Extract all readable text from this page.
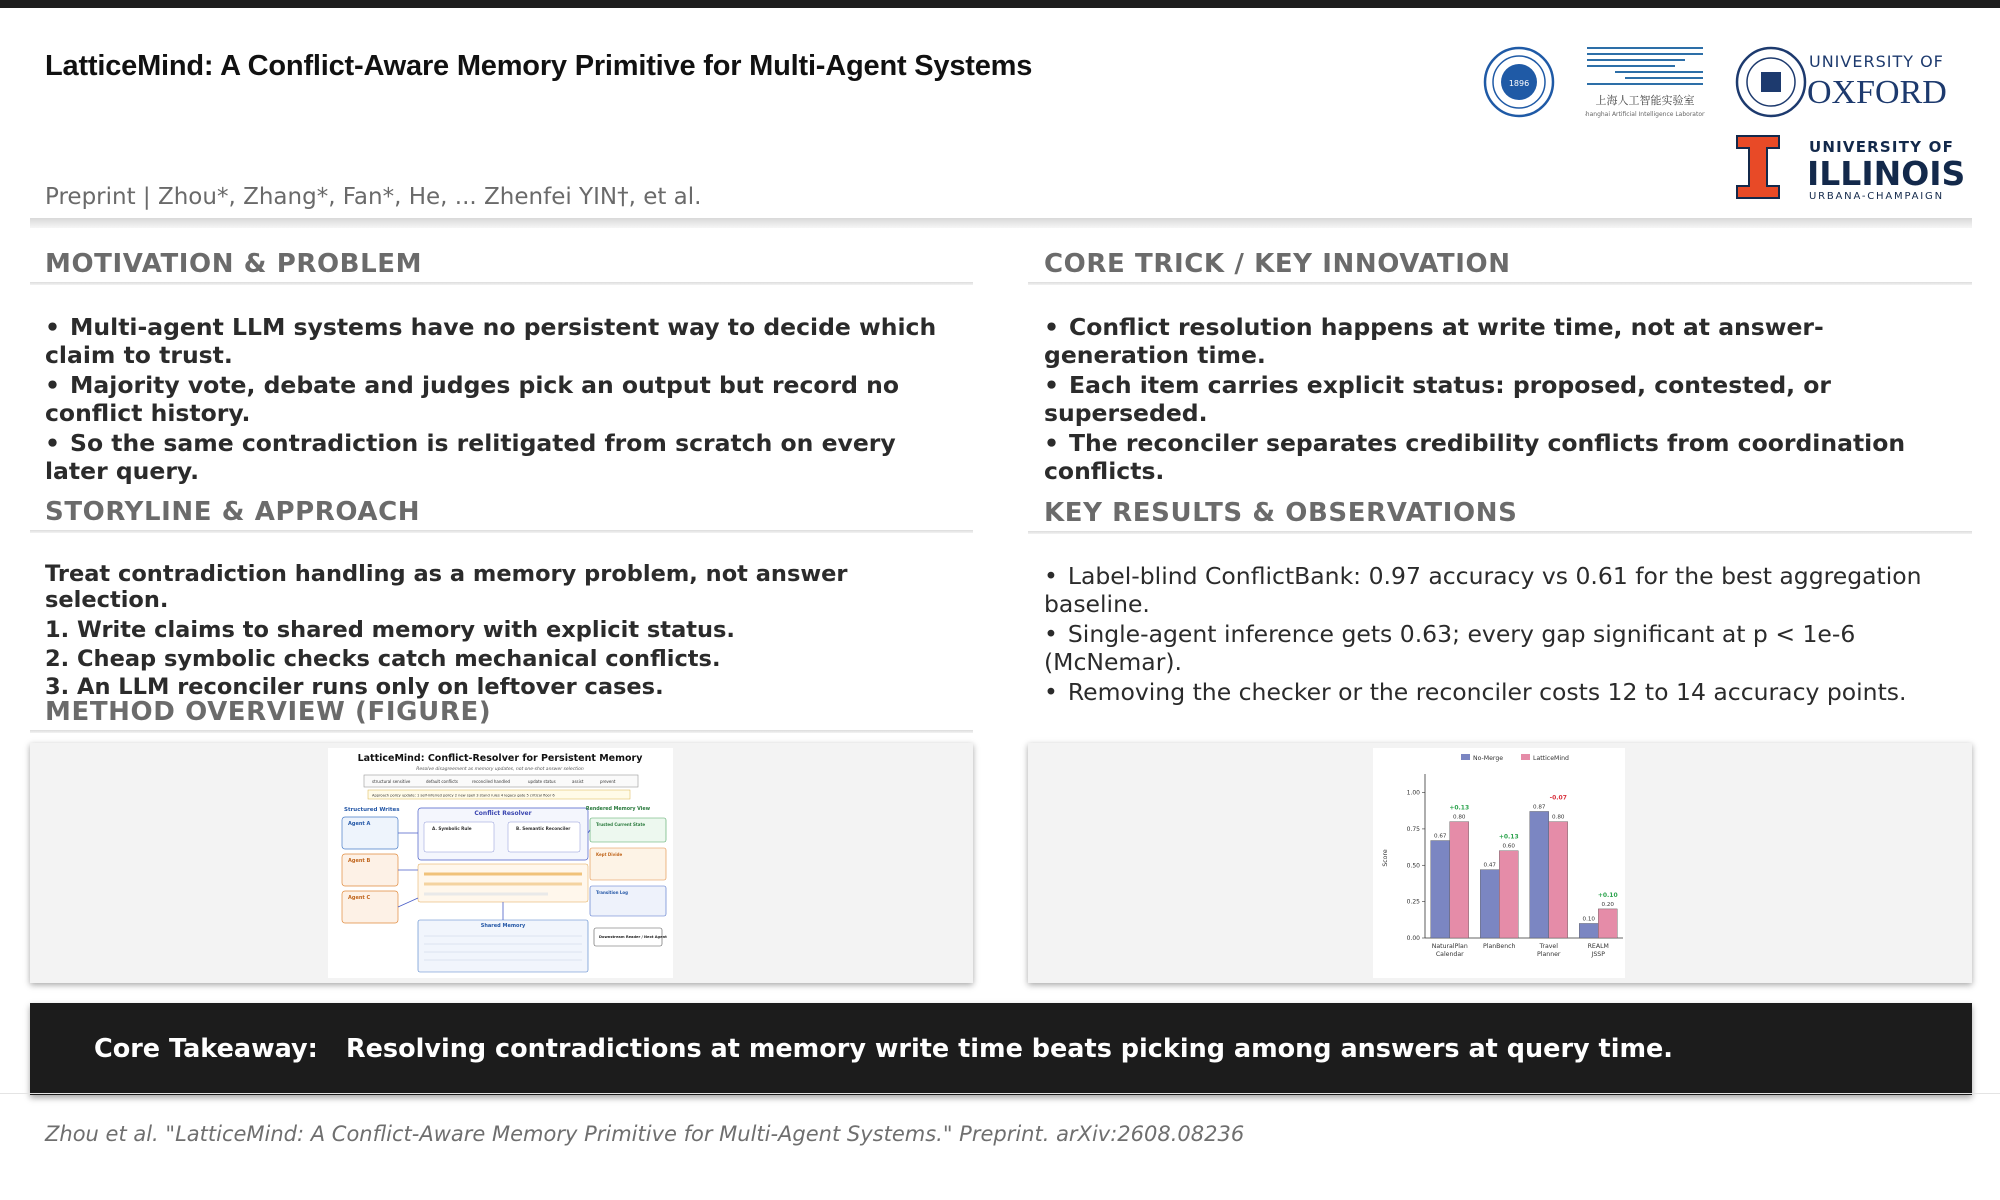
LatticeMind: A Conflict-Aware Memory Primitive for Multi-Agent Systems
Preprint | Zhou*, Zhang*, Fan*, He, ... Zhenfei YIN†, et al.
1896
上海人工智能实验室
Shanghai Artificial Intelligence Laboratory
UNIVERSITY OF
OXFORD
UNIVERSITY OF
ILLINOIS
URBANA-CHAMPAIGN
MOTIVATION & PROBLEM
• Multi-agent LLM systems have no persistent way to decide which
claim to trust.
• Majority vote, debate and judges pick an output but record no
conflict history.
• So the same contradiction is relitigated from scratch on every
later query.
STORYLINE & APPROACH
Treat contradiction handling as a memory problem, not answer
selection.
1. Write claims to shared memory with explicit status.
2. Cheap symbolic checks catch mechanical conflicts.
3. An LLM reconciler runs only on leftover cases.
METHOD OVERVIEW (FIGURE)
LatticeMind: Conflict-Resolver for Persistent Memory
Resolve disagreement as memory updates, not one-shot answer selection
structural sensitive	default conflicts	reconciled handled	update status	assist	prevent
Approach policy update: 1 self-inferred policy 2 new spell 3 stand rules 4 legacy gate 5 critical floor 6
Structured Writes
Agent A
Agent B
Agent C
Conflict Resolver
A. Symbolic Rule	B. Semantic Reconciler
Shared Memory
Rendered Memory View
Trusted Current State
Kept Divide
Transition Log
Downstream Reader / Next Agent
CORE TRICK / KEY INNOVATION
• Conflict resolution happens at write time, not at answer-
generation time.
• Each item carries explicit status: proposed, contested, or
superseded.
• The reconciler separates credibility conflicts from coordination
conflicts.
KEY RESULTS & OBSERVATIONS
• Label-blind ConflictBank: 0.97 accuracy vs 0.61 for the best aggregation
baseline.
• Single-agent inference gets 0.63; every gap significant at p < 1e-6
(McNemar).
• Removing the checker or the reconciler costs 12 to 14 accuracy points.
No-Merge	LatticeMind
0.00
0.25
0.50
0.75
1.00
Score
0.67
0.80
+0.13
NaturalPlan
Calendar
0.47
0.60
+0.13
PlanBench
0.87
0.80
-0.07
Travel
Planner
0.10
0.20
+0.10
REALM
JSSP
Core Takeaway: Resolving contradictions at memory write time beats picking among answers at query time.
Zhou et al. "LatticeMind: A Conflict-Aware Memory Primitive for Multi-Agent Systems." Preprint. arXiv:2608.08236
